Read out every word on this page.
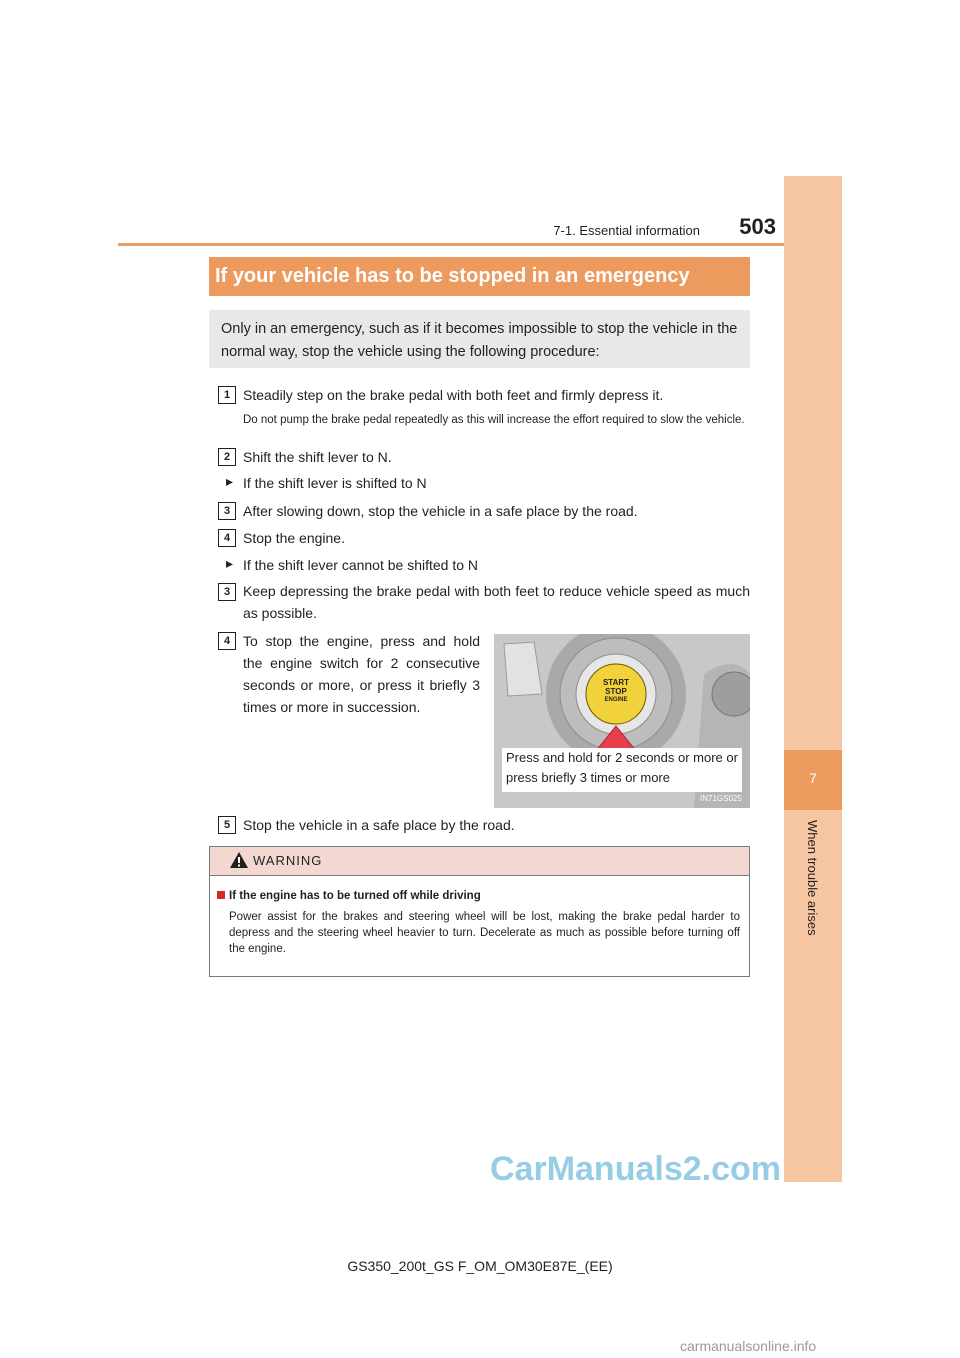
7
When trouble arises
7-1. Essential information	503
If your vehicle has to be stopped in an emergency
Only in an emergency, such as if it becomes impossible to stop the vehicle in the normal way, stop the vehicle using the following procedure:
1 Steadily step on the brake pedal with both feet and firmly depress it.
Do not pump the brake pedal repeatedly as this will increase the effort required to slow the vehicle.
2 Shift the shift lever to N.
▸ If the shift lever is shifted to N
3 After slowing down, stop the vehicle in a safe place by the road.
4 Stop the engine.
▸ If the shift lever cannot be shifted to N
3 Keep depressing the brake pedal with both feet to reduce vehicle speed as much as possible.
4 To stop the engine, press and hold the engine switch for 2 consecutive seconds or more, or press it briefly 3 times or more in succession.
START
STOP
ENGINE
Press and hold for 2 seconds or more or press briefly 3 times or more
IN71GS025
5 Stop the vehicle in a safe place by the road.
WARNING
If the engine has to be turned off while driving
Power assist for the brakes and steering wheel will be lost, making the brake pedal harder to depress and the steering wheel heavier to turn. Decelerate as much as possible before turning off the engine.
CarManuals2.com
GS350_200t_GS F_OM_OM30E87E_(EE)
carmanualsonline.info
